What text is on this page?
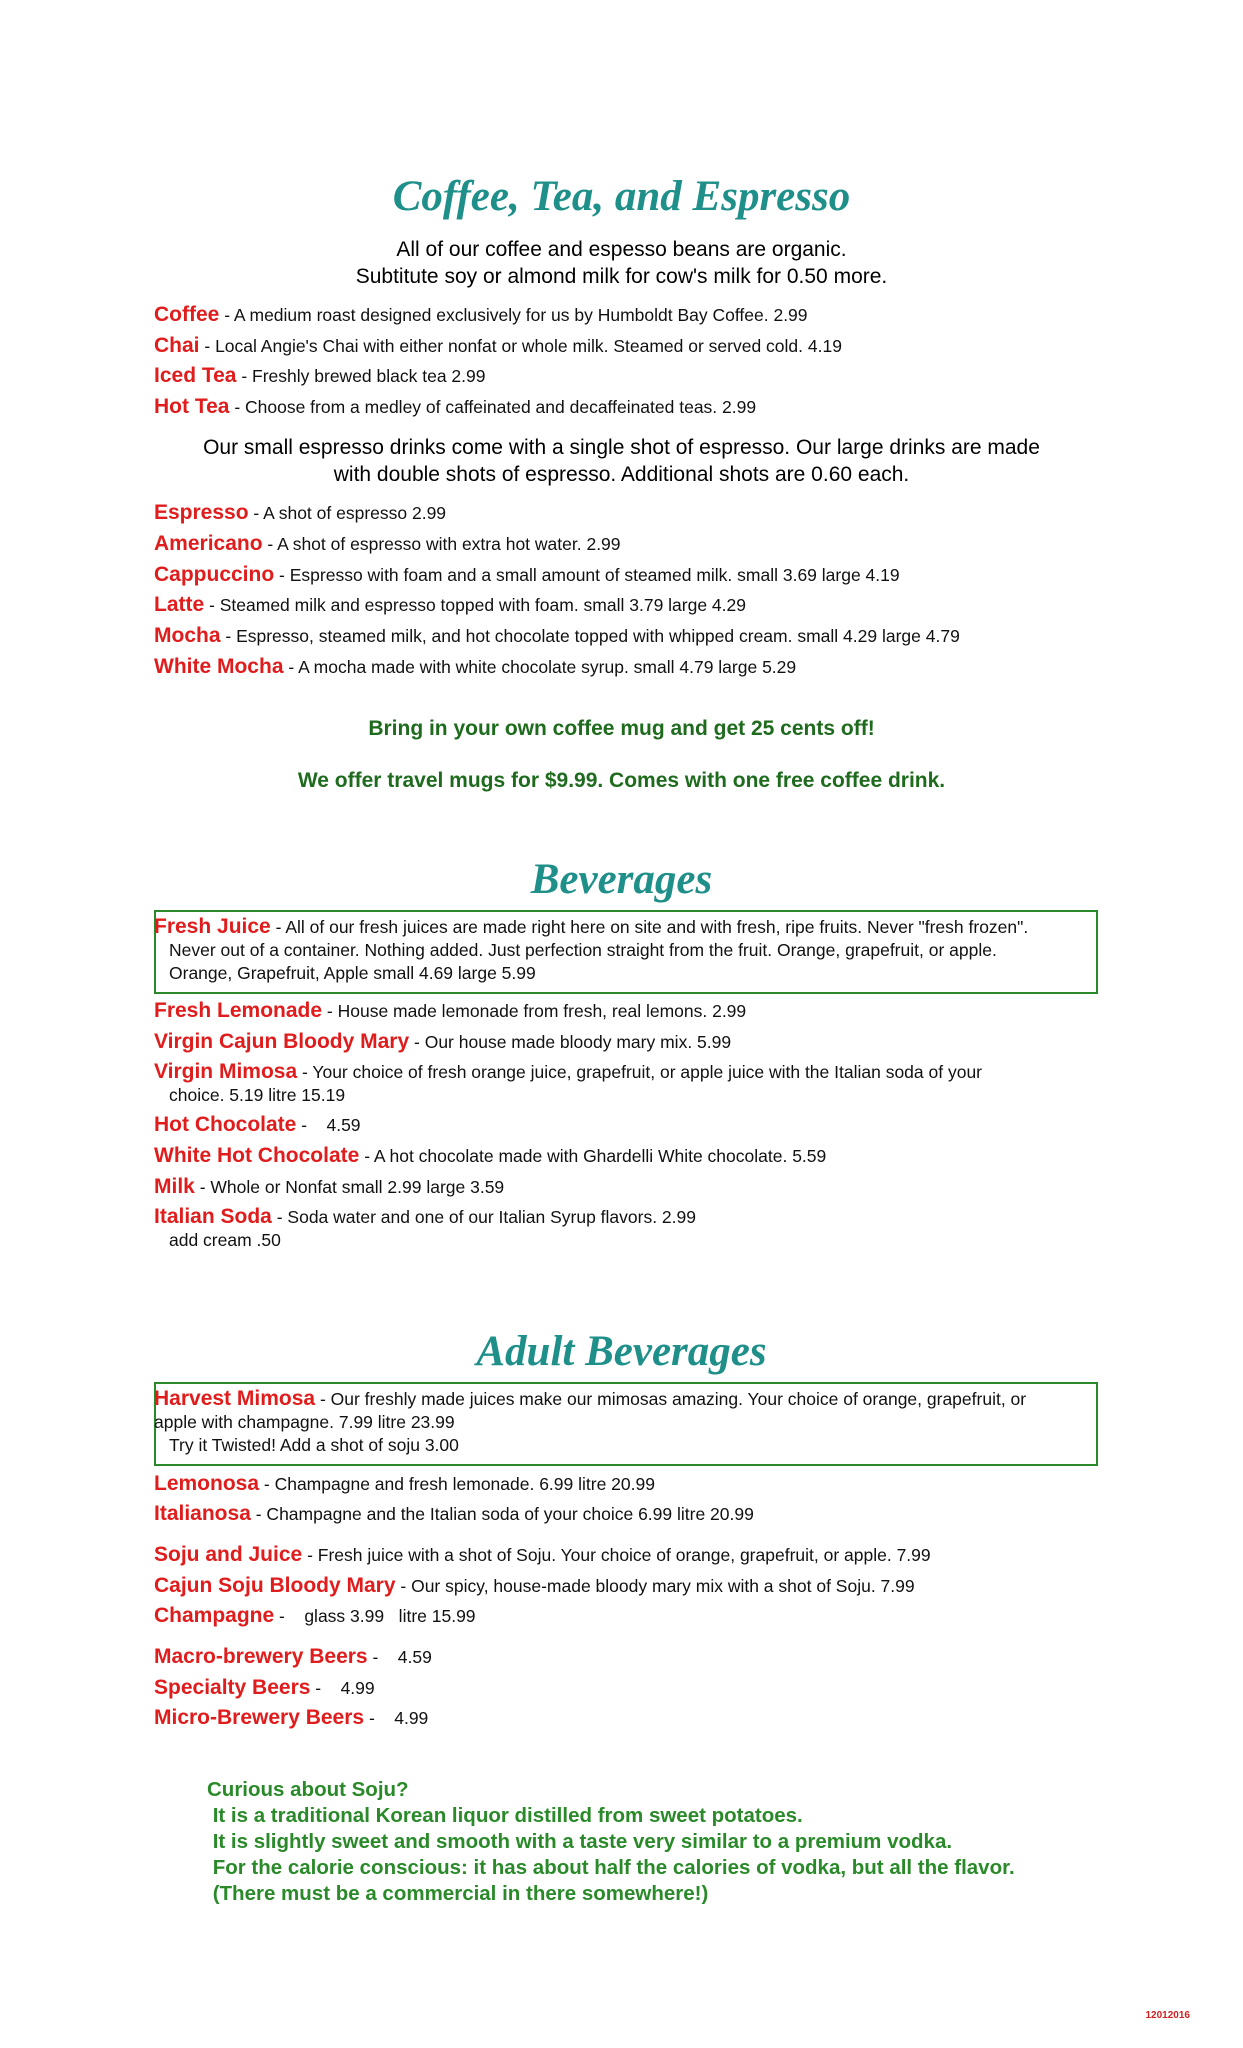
Coffee, Tea, and Espresso
All of our coffee and espesso beans are organic.
Subtitute soy or almond milk for cow's milk for 0.50 more.

Coffee - A medium roast designed exclusively for us by Humboldt Bay Coffee. 2.99

Chai - Local Angie's Chai with either nonfat or whole milk. Steamed or served cold. 4.19

Iced Tea - Freshly brewed black tea 2.99

Hot Tea - Choose from a medley of caffeinated and decaffeinated teas. 2.99

Our small espresso drinks come with a single shot of espresso. Our large drinks are made
with double shots of espresso. Additional shots are 0.60 each.

Espresso - A shot of espresso 2.99

Americano - A shot of espresso with extra hot water. 2.99

Cappuccino - Espresso with foam and a small amount of steamed milk. small 3.69 large 4.19

Latte - Steamed milk and espresso topped with foam. small 3.79 large 4.29

Mocha - Espresso, steamed milk, and hot chocolate topped with whipped cream. small 4.29 large 4.79

White Mocha - A mocha made with white chocolate syrup. small 4.79 large 5.29

Bring in your own coffee mug and get 25 cents off!

We offer travel mugs for $9.99. Comes with one free coffee drink.

Beverages

Fresh Juice - All of our fresh juices are made right here on site and with fresh, ripe fruits. Never "fresh frozen".
Never out of a container. Nothing added. Just perfection straight from the fruit. Orange, grapefruit, or apple.
Orange, Grapefruit, Apple small 4.69 large 5.99

Fresh Lemonade - House made lemonade from fresh, real lemons. 2.99

Virgin Cajun Bloody Mary - Our house made bloody mary mix. 5.99

Virgin Mimosa - Your choice of fresh orange juice, grapefruit, or apple juice with the Italian soda of your
choice. 5.19 litre 15.19

Hot Chocolate -    4.59

White Hot Chocolate - A hot chocolate made with Ghardelli White chocolate. 5.59

Milk - Whole or Nonfat small 2.99 large 3.59

Italian Soda - Soda water and one of our Italian Syrup flavors. 2.99
add cream .50

Adult Beverages

Harvest Mimosa - Our freshly made juices make our mimosas amazing. Your choice of orange, grapefruit, or
apple with champagne. 7.99 litre 23.99
Try it Twisted! Add a shot of soju 3.00

Lemonosa - Champagne and fresh lemonade. 6.99 litre 20.99

Italianosa - Champagne and the Italian soda of your choice 6.99 litre 20.99

Soju and Juice - Fresh juice with a shot of Soju. Your choice of orange, grapefruit, or apple. 7.99

Cajun Soju Bloody Mary - Our spicy, house-made bloody mary mix with a shot of Soju. 7.99

Champagne -    glass 3.99   litre 15.99

Macro-brewery Beers -    4.59

Specialty Beers -    4.99

Micro-Brewery Beers -    4.99

Curious about Soju?
It is a traditional Korean liquor distilled from sweet potatoes.
It is slightly sweet and smooth with a taste very similar to a premium vodka.
For the calorie conscious: it has about half the calories of vodka, but all the flavor.
(There must be a commercial in there somewhere!)
12012016
